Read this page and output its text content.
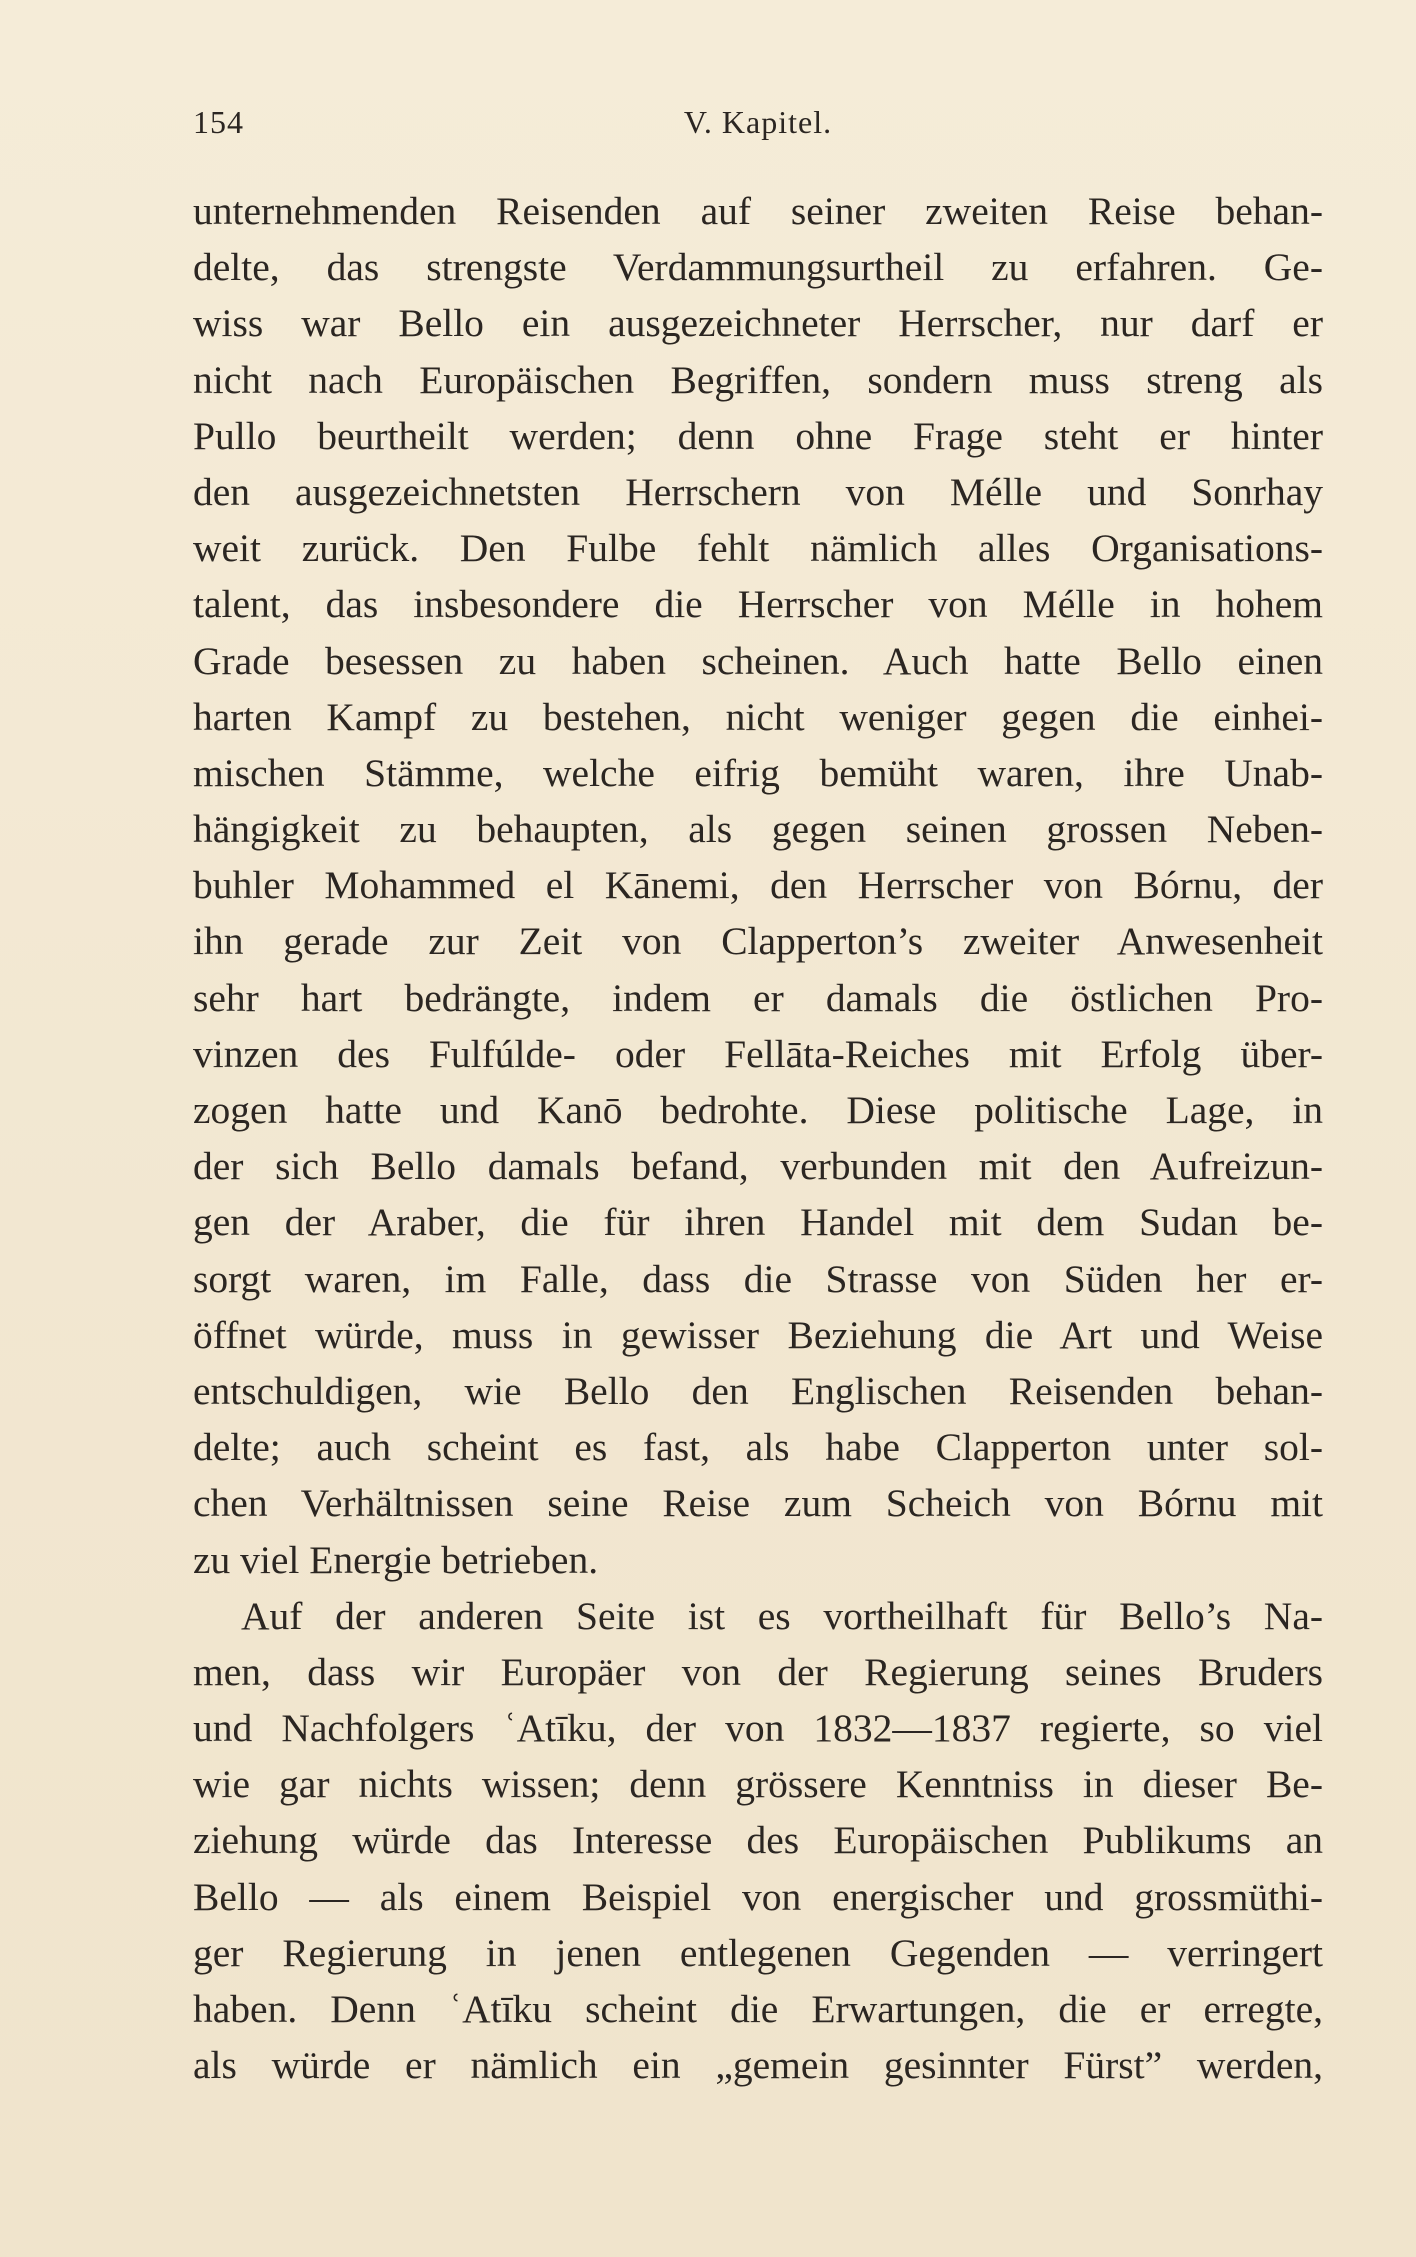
154	V. Kapitel.
unternehmenden Reisenden auf seiner zweiten Reise behan-
delte, das strengste Verdammungsurtheil zu erfahren. Ge-
wiss war Bello ein ausgezeichneter Herrscher, nur darf er
nicht nach Europäischen Begriffen, sondern muss streng als
Pullo beurtheilt werden; denn ohne Frage steht er hinter
den ausgezeichnetsten Herrschern von Mélle und Sonrhay
weit zurück. Den Fulbe fehlt nämlich alles Organisations-
talent, das insbesondere die Herrscher von Mélle in hohem
Grade besessen zu haben scheinen. Auch hatte Bello einen
harten Kampf zu bestehen, nicht weniger gegen die einhei-
mischen Stämme, welche eifrig bemüht waren, ihre Unab-
hängigkeit zu behaupten, als gegen seinen grossen Neben-
buhler Mohammed el Kānemi, den Herrscher von Bórnu, der
ihn gerade zur Zeit von Clapperton’s zweiter Anwesenheit
sehr hart bedrängte, indem er damals die östlichen Pro-
vinzen des Fulfúlde- oder Fellāta-Reiches mit Erfolg über-
zogen hatte und Kanō bedrohte. Diese politische Lage, in
der sich Bello damals befand, verbunden mit den Aufreizun-
gen der Araber, die für ihren Handel mit dem Sudan be-
sorgt waren, im Falle, dass die Strasse von Süden her er-
öffnet würde, muss in gewisser Beziehung die Art und Weise
entschuldigen, wie Bello den Englischen Reisenden behan-
delte; auch scheint es fast, als habe Clapperton unter sol-
chen Verhältnissen seine Reise zum Scheich von Bórnu mit
zu viel Energie betrieben.
Auf der anderen Seite ist es vortheilhaft für Bello’s Na-
men, dass wir Europäer von der Regierung seines Bruders
und Nachfolgers ʿAtīku, der von 1832—1837 regierte, so viel
wie gar nichts wissen; denn grössere Kenntniss in dieser Be-
ziehung würde das Interesse des Europäischen Publikums an
Bello — als einem Beispiel von energischer und grossmüthi-
ger Regierung in jenen entlegenen Gegenden — verringert
haben. Denn ʿAtīku scheint die Erwartungen, die er erregte,
als würde er nämlich ein „gemein gesinnter Fürst” werden,
